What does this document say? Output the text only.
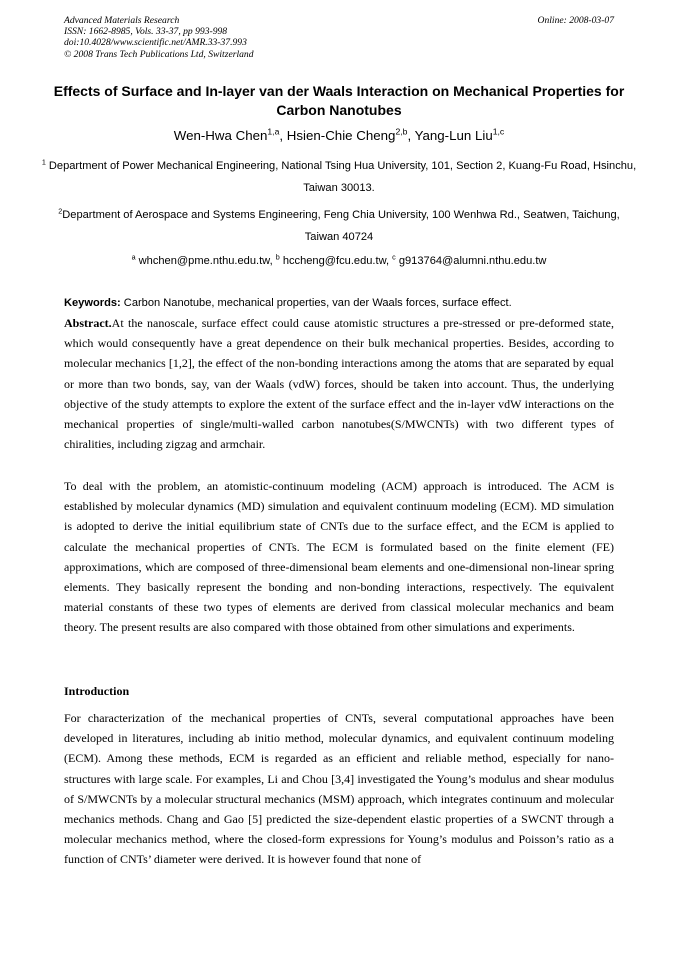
Advanced Materials Research
ISSN: 1662-8985, Vols. 33-37, pp 993-998
doi:10.4028/www.scientific.net/AMR.33-37.993
© 2008 Trans Tech Publications Ltd, Switzerland
Online: 2008-03-07
Effects of Surface and In-layer van der Waals Interaction on Mechanical Properties for Carbon Nanotubes
Wen-Hwa Chen$^{1,a}$, Hsien-Chie Cheng$^{2,b}$, Yang-Lun Liu$^{1,c}$
$^1$ Department of Power Mechanical Engineering, National Tsing Hua University, 101, Section 2, Kuang-Fu Road, Hsinchu, Taiwan 30013.
$^2$Department of Aerospace and Systems Engineering, Feng Chia University, 100 Wenhwa Rd., Seatwen, Taichung, Taiwan 40724
$^a$ whchen@pme.nthu.edu.tw, $^b$ hccheng@fcu.edu.tw, $^c$ g913764@alumni.nthu.edu.tw
Keywords: Carbon Nanotube, mechanical properties, van der Waals forces, surface effect.
Abstract.At the nanoscale, surface effect could cause atomistic structures a pre-stressed or pre-deformed state, which would consequently have a great dependence on their bulk mechanical properties. Besides, according to molecular mechanics [1,2], the effect of the non-bonding interactions among the atoms that are separated by equal or more than two bonds, say, van der Waals (vdW) forces, should be taken into account. Thus, the underlying objective of the study attempts to explore the extent of the surface effect and the in-layer vdW interactions on the mechanical properties of single/multi-walled carbon nanotubes(S/MWCNTs) with two different types of chiralities, including zigzag and armchair.
To deal with the problem, an atomistic-continuum modeling (ACM) approach is introduced. The ACM is established by molecular dynamics (MD) simulation and equivalent continuum modeling (ECM). MD simulation is adopted to derive the initial equilibrium state of CNTs due to the surface effect, and the ECM is applied to calculate the mechanical properties of CNTs. The ECM is formulated based on the finite element (FE) approximations, which are composed of three-dimensional beam elements and one-dimensional non-linear spring elements. They basically represent the bonding and non-bonding interactions, respectively. The equivalent material constants of these two types of elements are derived from classical molecular mechanics and beam theory. The present results are also compared with those obtained from other simulations and experiments.
Introduction
For characterization of the mechanical properties of CNTs, several computational approaches have been developed in literatures, including ab initio method, molecular dynamics, and equivalent continuum modeling (ECM). Among these methods, ECM is regarded as an efficient and reliable method, especially for nano-structures with large scale. For examples, Li and Chou [3,4] investigated the Young’s modulus and shear modulus of S/MWCNTs by a molecular structural mechanics (MSM) approach, which integrates continuum and molecular mechanics methods. Chang and Gao [5] predicted the size-dependent elastic properties of a SWCNT through a molecular mechanics method, where the closed-form expressions for Young’s modulus and Poisson’s ratio as a function of CNTs’ diameter were derived. It is however found that none of
